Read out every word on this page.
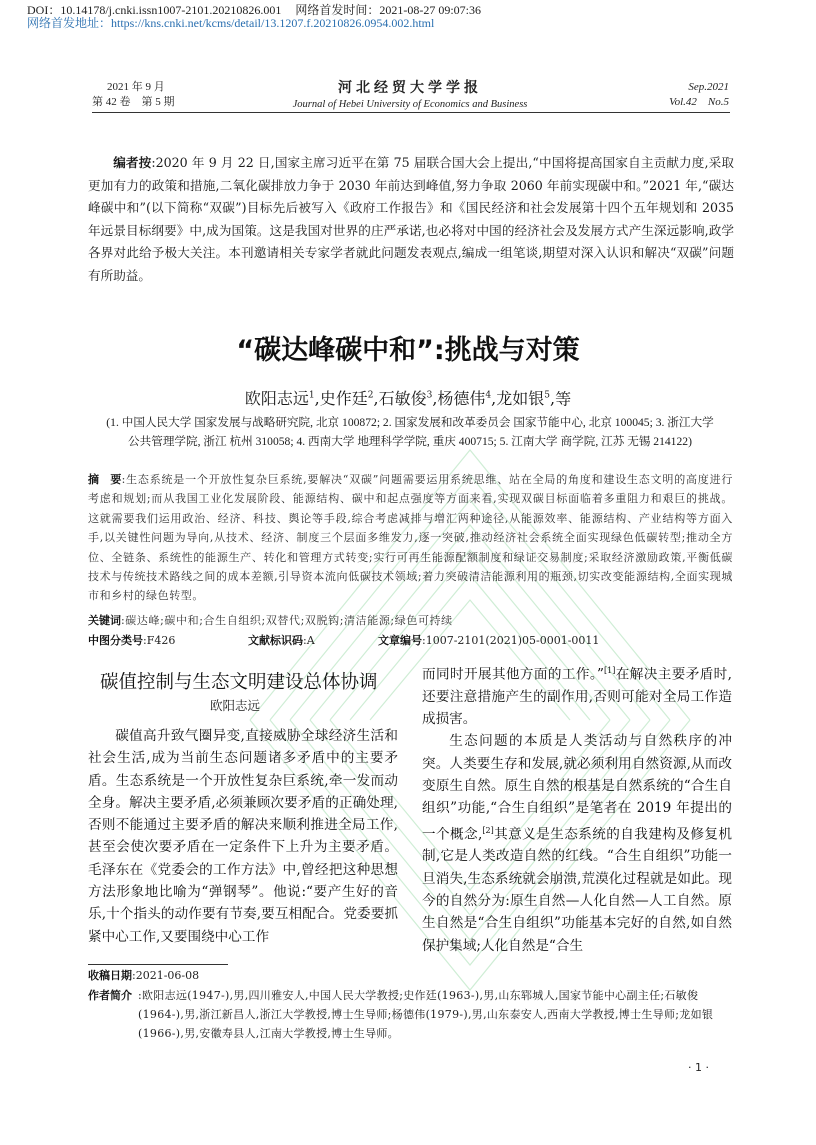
DOI：10.14178/j.cnki.issn1007-2101.20210826.001 网络首发时间：2021-08-27 09:07:36
网络首发地址：https://kns.cnki.net/kcms/detail/13.1207.f.20210826.0954.002.html
2021 年 9 月
第 42 卷　第 5 期
河北经贸大学学报
Journal of Hebei University of Economics and Business
Sep.2021
Vol.42　No.5
编者按:2020 年 9 月 22 日,国家主席习近平在第 75 届联合国大会上提出,“中国将提高国家自主贡献力度,采取更加有力的政策和措施,二氧化碳排放力争于 2030 年前达到峰值,努力争取 2060 年前实现碳中和。”2021 年,“碳达峰碳中和”(以下简称“双碳”)目标先后被写入《政府工作报告》和《国民经济和社会发展第十四个五年规划和 2035 年远景目标纲要》中,成为国策。这是我国对世界的庄严承诺,也必将对中国的经济社会及发展方式产生深远影响,政学各界对此给予极大关注。本刊邀请相关专家学者就此问题发表观点,编成一组笔谈,期望对深入认识和解决“双碳”问题有所助益。
“碳达峰碳中和”:挑战与对策
欧阳志远$^1$,史作廷$^2$,石敏俊$^3$,杨德伟$^4$,龙如银$^5$,等
(1. 中国人民大学 国家发展与战略研究院, 北京 100872; 2. 国家发展和改革委员会 国家节能中心, 北京 100045; 3. 浙江大学
公共管理学院, 浙江 杭州 310058; 4. 西南大学 地理科学学院, 重庆 400715; 5. 江南大学 商学院, 江苏 无锡 214122)
摘　要:生态系统是一个开放性复杂巨系统,要解决“双碳”问题需要运用系统思维、站在全局的角度和建设生态文明的高度进行考虑和规划;而从我国工业化发展阶段、能源结构、碳中和起点强度等方面来看,实现双碳目标面临着多重阻力和艰巨的挑战。这就需要我们运用政治、经济、科技、舆论等手段,综合考虑减排与增汇两种途径,从能源效率、能源结构、产业结构等方面入手,以关键性问题为导向,从技术、经济、制度三个层面多维发力,逐一突破,推动经济社会系统全面实现绿色低碳转型;推动全方位、全链条、系统性的能源生产、转化和管理方式转变;实行可再生能源配额制度和绿证交易制度;采取经济激励政策,平衡低碳技术与传统技术路线之间的成本差额,引导资本流向低碳技术领域;着力突破清洁能源利用的瓶颈,切实改变能源结构,全面实现城市和乡村的绿色转型。
关键词:碳达峰;碳中和;合生自组织;双替代;双脱钩;清洁能源;绿色可持续
中图分类号:F426	文献标识码:A	文章编号:1007-2101(2021)05-0001-0011
碳值控制与生态文明建设总体协调
欧阳志远

碳值高升致气圈异变,直接威胁全球经济生活和社会生活,成为当前生态问题诸多矛盾中的主要矛盾。生态系统是一个开放性复杂巨系统,牵一发而动全身。解决主要矛盾,必须兼顾次要矛盾的正确处理,否则不能通过主要矛盾的解决来顺利推进全局工作,甚至会使次要矛盾在一定条件下上升为主要矛盾。毛泽东在《党委会的工作方法》中,曾经把这种思想方法形象地比喻为“弹钢琴”。他说:“要产生好的音乐,十个指头的动作要有节奏,要互相配合。党委要抓紧中心工作,又要围绕中心工作

而同时开展其他方面的工作。”[1]在解决主要矛盾时,还要注意措施产生的副作用,否则可能对全局工作造成损害。

生态问题的本质是人类活动与自然秩序的冲突。人类要生存和发展,就必须利用自然资源,从而改变原生自然。原生自然的根基是自然系统的“合生自组织”功能,“合生自组织”是笔者在 2019 年提出的一个概念,[2]其意义是生态系统的自我建构及修复机制,它是人类改造自然的红线。“合生自组织”功能一旦消失,生态系统就会崩溃,荒漠化过程就是如此。现今的自然分为:原生自然—人化自然—人工自然。原生自然是“合生自组织”功能基本完好的自然,如自然保护集域;人化自然是“合生

收稿日期:2021-06-08
作者简介 :欧阳志远(1947-),男,四川雅安人,中国人民大学教授;史作廷(1963-),男,山东郓城人,国家节能中心副主任;石敏俊(1964-),男,浙江新昌人,浙江大学教授,博士生导师;杨德伟(1979-),男,山东泰安人,西南大学教授,博士生导师;龙如银(1966-),男,安徽寿县人,江南大学教授,博士生导师。
· 1 ·
